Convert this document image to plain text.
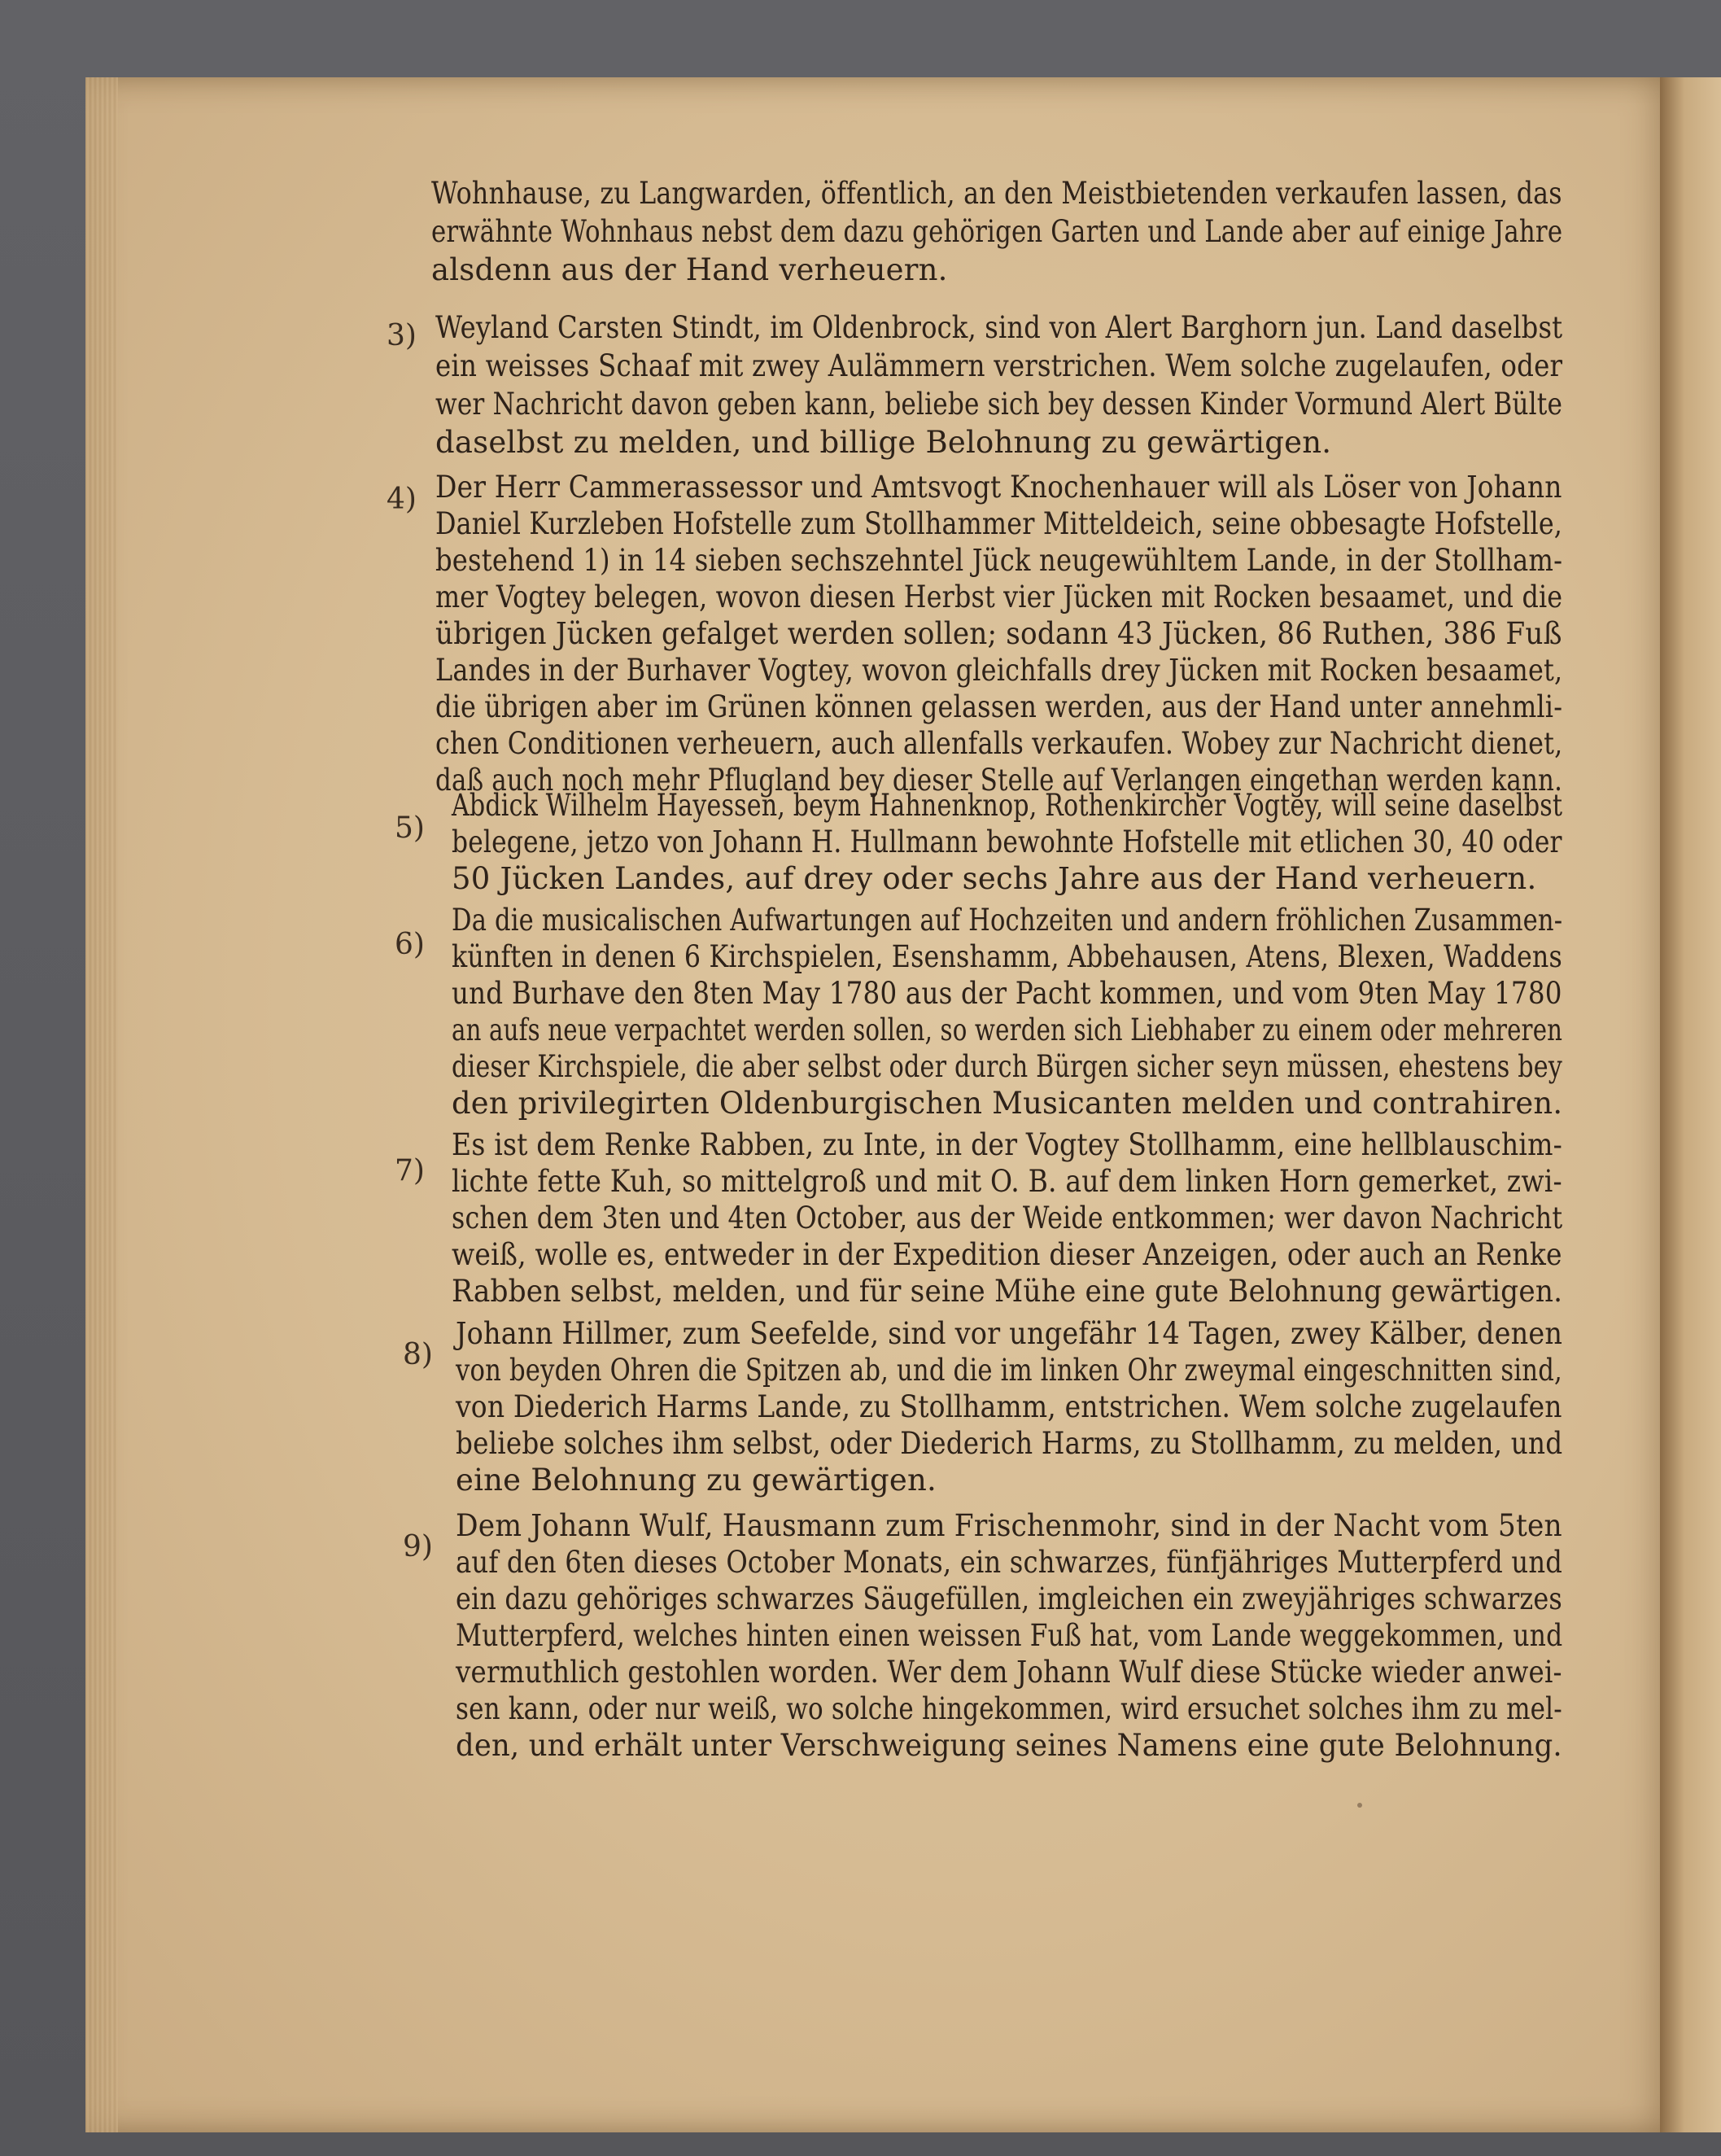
Wohnhause, zu Langwarden, öffentlich, an den Meistbietenden verkaufen lassen, das

erwähnte Wohnhaus nebst dem dazu gehörigen Garten und Lande aber auf einige Jahre

alsdenn aus der Hand verheuern.

3) Weyland Carsten Stindt, im Oldenbrock, sind von Alert Barghorn jun. Land daselbst

ein weisses Schaaf mit zwey Aulämmern verstrichen. Wem solche zugelaufen, oder

wer Nachricht davon geben kann, beliebe sich bey dessen Kinder Vormund Alert Bülte

daselbst zu melden, und billige Belohnung zu gewärtigen.

4) Der Herr Cammerassessor und Amtsvogt Knochenhauer will als Löser von Johann

Daniel Kurzleben Hofstelle zum Stollhammer Mitteldeich, seine obbesagte Hofstelle,

bestehend 1) in 14 sieben sechszehntel Jück neugewühltem Lande, in der Stollham-

mer Vogtey belegen, wovon diesen Herbst vier Jücken mit Rocken besaamet, und die

übrigen Jücken gefalget werden sollen; sodann 43 Jücken, 86 Ruthen, 386 Fuß

Landes in der Burhaver Vogtey, wovon gleichfalls drey Jücken mit Rocken besaamet,

die übrigen aber im Grünen können gelassen werden, aus der Hand unter annehmli-

chen Conditionen verheuern, auch allenfalls verkaufen. Wobey zur Nachricht dienet,

daß auch noch mehr Pflugland bey dieser Stelle auf Verlangen eingethan werden kann.

5)

Abdick Wilhelm Hayessen, beym Hahnenknop, Rothenkircher Vogtey, will seine daselbst

belegene, jetzo von Johann H. Hullmann bewohnte Hofstelle mit etlichen 30, 40 oder

50 Jücken Landes, auf drey oder sechs Jahre aus der Hand verheuern.

6)

Da die musicalischen Aufwartungen auf Hochzeiten und andern fröhlichen Zusammen-

künften in denen 6 Kirchspielen, Esenshamm, Abbehausen, Atens, Blexen, Waddens

und Burhave den 8ten May 1780 aus der Pacht kommen, und vom 9ten May 1780

an aufs neue verpachtet werden sollen, so werden sich Liebhaber zu einem oder mehreren

dieser Kirchspiele, die aber selbst oder durch Bürgen sicher seyn müssen, ehestens bey

den privilegirten Oldenburgischen Musicanten melden und contrahiren.

7)

Es ist dem Renke Rabben, zu Inte, in der Vogtey Stollhamm, eine hellblauschim-

lichte fette Kuh, so mittelgroß und mit O. B. auf dem linken Horn gemerket, zwi-

schen dem 3ten und 4ten October, aus der Weide entkommen; wer davon Nachricht

weiß, wolle es, entweder in der Expedition dieser Anzeigen, oder auch an Renke

Rabben selbst, melden, und für seine Mühe eine gute Belohnung gewärtigen.

8)

Johann Hillmer, zum Seefelde, sind vor ungefähr 14 Tagen, zwey Kälber, denen

von beyden Ohren die Spitzen ab, und die im linken Ohr zweymal eingeschnitten sind,

von Diederich Harms Lande, zu Stollhamm, entstrichen. Wem solche zugelaufen

beliebe solches ihm selbst, oder Diederich Harms, zu Stollhamm, zu melden, und

eine Belohnung zu gewärtigen.

9)

Dem Johann Wulf, Hausmann zum Frischenmohr, sind in der Nacht vom 5ten

auf den 6ten dieses October Monats, ein schwarzes, fünfjähriges Mutterpferd und

ein dazu gehöriges schwarzes Säugefüllen, imgleichen ein zweyjähriges schwarzes

Mutterpferd, welches hinten einen weissen Fuß hat, vom Lande weggekommen, und

vermuthlich gestohlen worden. Wer dem Johann Wulf diese Stücke wieder anwei-

sen kann, oder nur weiß, wo solche hingekommen, wird ersuchet solches ihm zu mel-

den, und erhält unter Verschweigung seines Namens eine gute Belohnung.
